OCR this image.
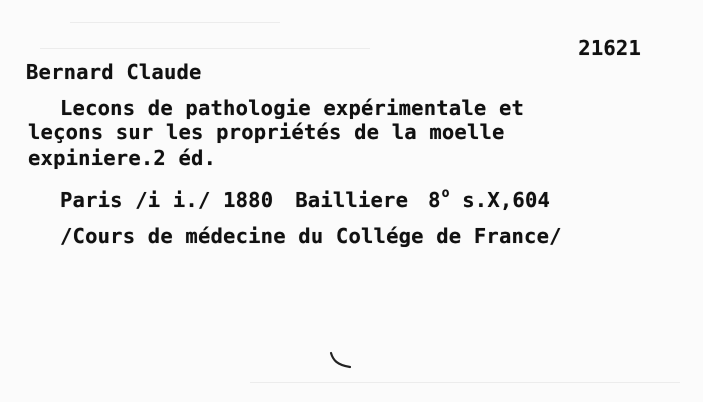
21621
Bernard Claude
Lecons de pathologie expérimentale et
leçons sur les propriétés de la moelle
expiniere.2 éd.
Paris /i i./ 1880 Bailliere 8$^o$ s.X,604
/Cours de médecine du Collége de France/
